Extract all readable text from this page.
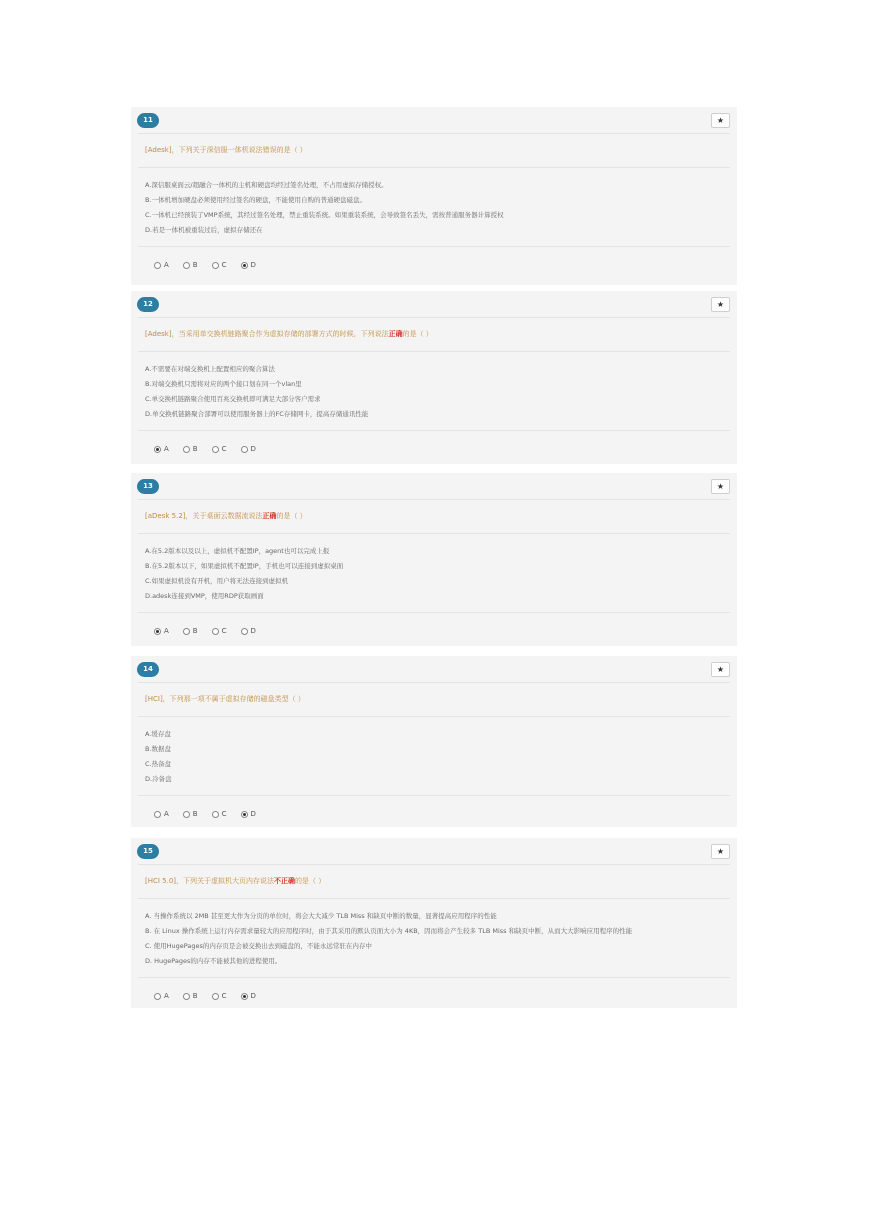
11	★
[Adesk]，下列关于深信服一体机说法错误的是（ ）
A.深信服桌面云/超融合一体机的主机和硬盘均经过签名处理，不占用虚拟存储授权。
B.一体机增加硬盘必须使用经过签名的硬盘，不能使用自购的普通硬盘磁盘。
C.一体机已经预装了VMP系统，其经过签名处理，禁止重装系统。如果重装系统，会导致签名丢失，需按普通服务器计算授权
D.若是一体机被重装过后，虚拟存储还在
A	B	C	D
12	★
[Adesk]，当采用单交换机链路聚合作为虚拟存储的部署方式的时候，下列说法正确的是（ ）
A.不需要在对端交换机上配置相应的聚合算法
B.对端交换机只需将对应的两个接口划在同一个vlan里
C.单交换机链路聚合使用百兆交换机即可满足大部分客户需求
D.单交换机链路聚合部署可以使用服务器上的FC存储网卡，提高存储通讯性能
A	B	C	D
13	★
[aDesk 5.2]，关于桌面云数据流说法正确的是（ ）
A.在5.2版本以及以上，虚拟机不配置IP，agent也可以完成上报
B.在5.2版本以下，如果虚拟机不配置IP，手机也可以连接到虚拟桌面
C.如果虚拟机没有开机，用户将无法连接到虚拟机
D.adesk连接到VMP，使用RDP获取画面
A	B	C	D
14	★
[HCI]，下列那一项不属于虚拟存储的磁盘类型（ ）
A.缓存盘
B.数据盘
C.热备盘
D.冷备盘
A	B	C	D
15	★
[HCI 5.0]，下列关于虚拟机大页内存说法不正确的是（ ）
A. 当操作系统以 2MB 甚至更大作为分页的单位时，将会大大减少 TLB Miss 和缺页中断的数量，显著提高应用程序的性能
B. 在 Linux 操作系统上运行内存需求量较大的应用程序时，由于其采用的默认页面大小为 4KB，因而将会产生较多 TLB Miss 和缺页中断，从而大大影响应用程序的性能
C. 使用HugePages的内存页是会被交换出去到磁盘的，不能永远常驻在内存中
D. HugePages的内存不能被其他的进程使用。
A	B	C	D
